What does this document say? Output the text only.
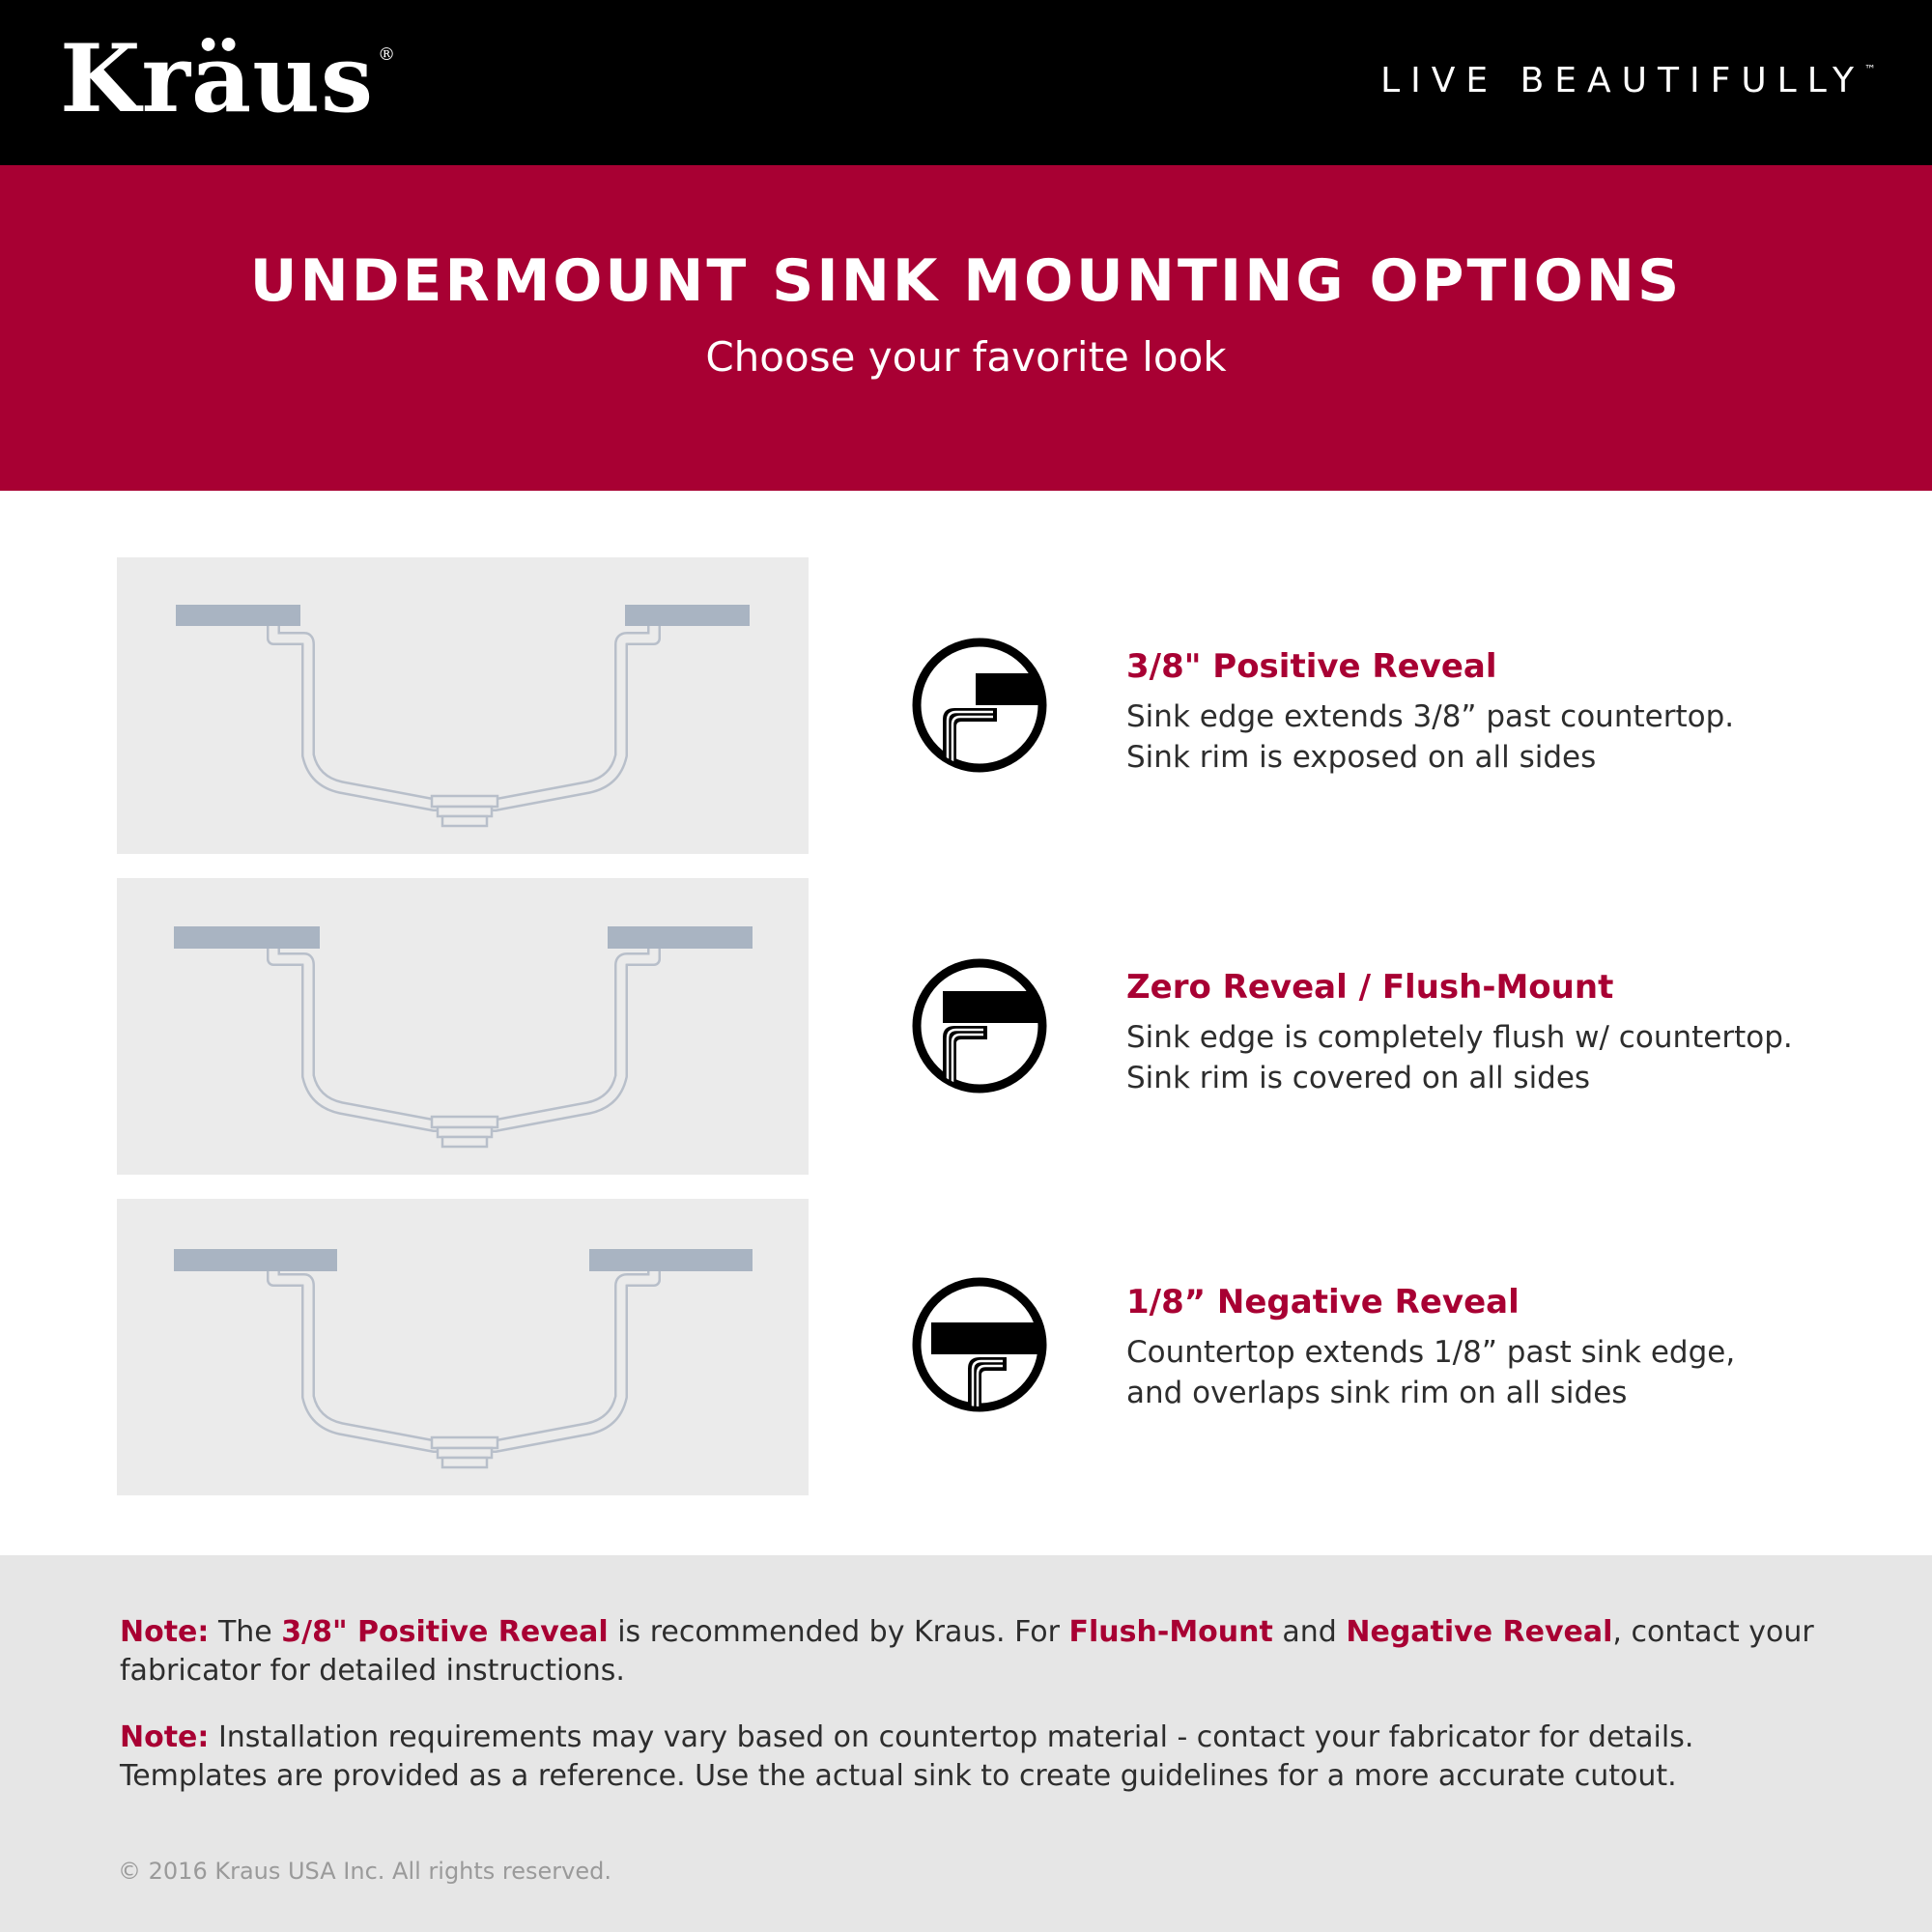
Kräus ®
LIVE BEAUTIFULLY™
UNDERMOUNT SINK MOUNTING OPTIONS
Choose your favorite look
3/8" Positive Reveal
Sink edge extends 3/8” past countertop.
Sink rim is exposed on all sides
Zero Reveal / Flush-Mount
Sink edge is completely flush w/ countertop.
Sink rim is covered on all sides
1/8” Negative Reveal
Countertop extends 1/8” past sink edge,
and overlaps sink rim on all sides
Note: The 3/8" Positive Reveal is recommended by Kraus. For Flush-Mount and Negative Reveal, contact your fabricator for detailed instructions.
Note: Installation requirements may vary based on countertop material - contact your fabricator for details. Templates are provided as a reference. Use the actual sink to create guidelines for a more accurate cutout.
© 2016 Kraus USA Inc. All rights reserved.
